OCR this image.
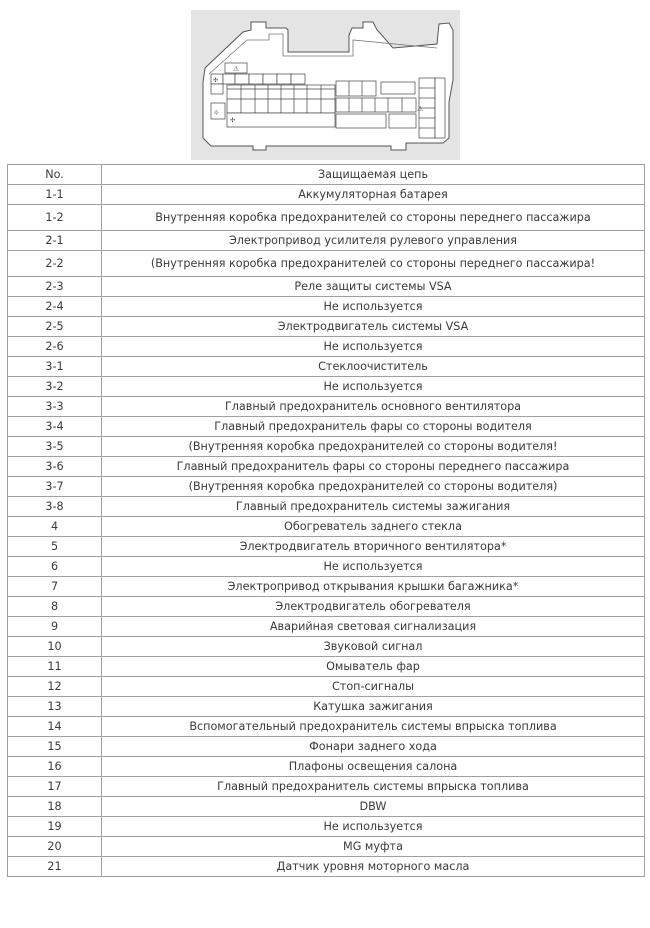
⚠
⚠
✣
✣
☼
No.	Защищаемая цепь
1-1	Аккумуляторная батарея
1-2	Внутренняя коробка предохранителей со стороны переднего пассажира
2-1	Электропривод усилителя рулевого управления
2-2	(Внутренняя коробка предохранителей со стороны переднего пассажира!
2-3	Реле защиты системы VSA
2-4	Не используется
2-5	Электродвигатель системы VSA
2-6	Не используется
3-1	Стеклоочиститель
3-2	Не используется
3-3	Главный предохранитель основного вентилятора
3-4	Главный предохранитель фары со стороны водителя
3-5	(Внутренняя коробка предохранителей со стороны водителя!
3-6	Главный предохранитель фары со стороны переднего пассажира
3-7	(Внутренняя коробка предохранителей со стороны водителя)
3-8	Главный предохранитель системы зажигания
4	Обогреватель заднего стекла
5	Электродвигатель вторичного вентилятора*
6	Не используется
7	Электропривод открывания крышки багажника*
8	Электродвигатель обогревателя
9	Аварийная световая сигнализация
10	Звуковой сигнал
11	Омыватель фар
12	Стоп-сигналы
13	Катушка зажигания
14	Вспомогательный предохранитель системы впрыска топлива
15	Фонари заднего хода
16	Плафоны освещения салона
17	Главный предохранитель системы впрыска топлива
18	DBW
19	Не используется
20	MG муфта
21	Датчик уровня моторного масла
